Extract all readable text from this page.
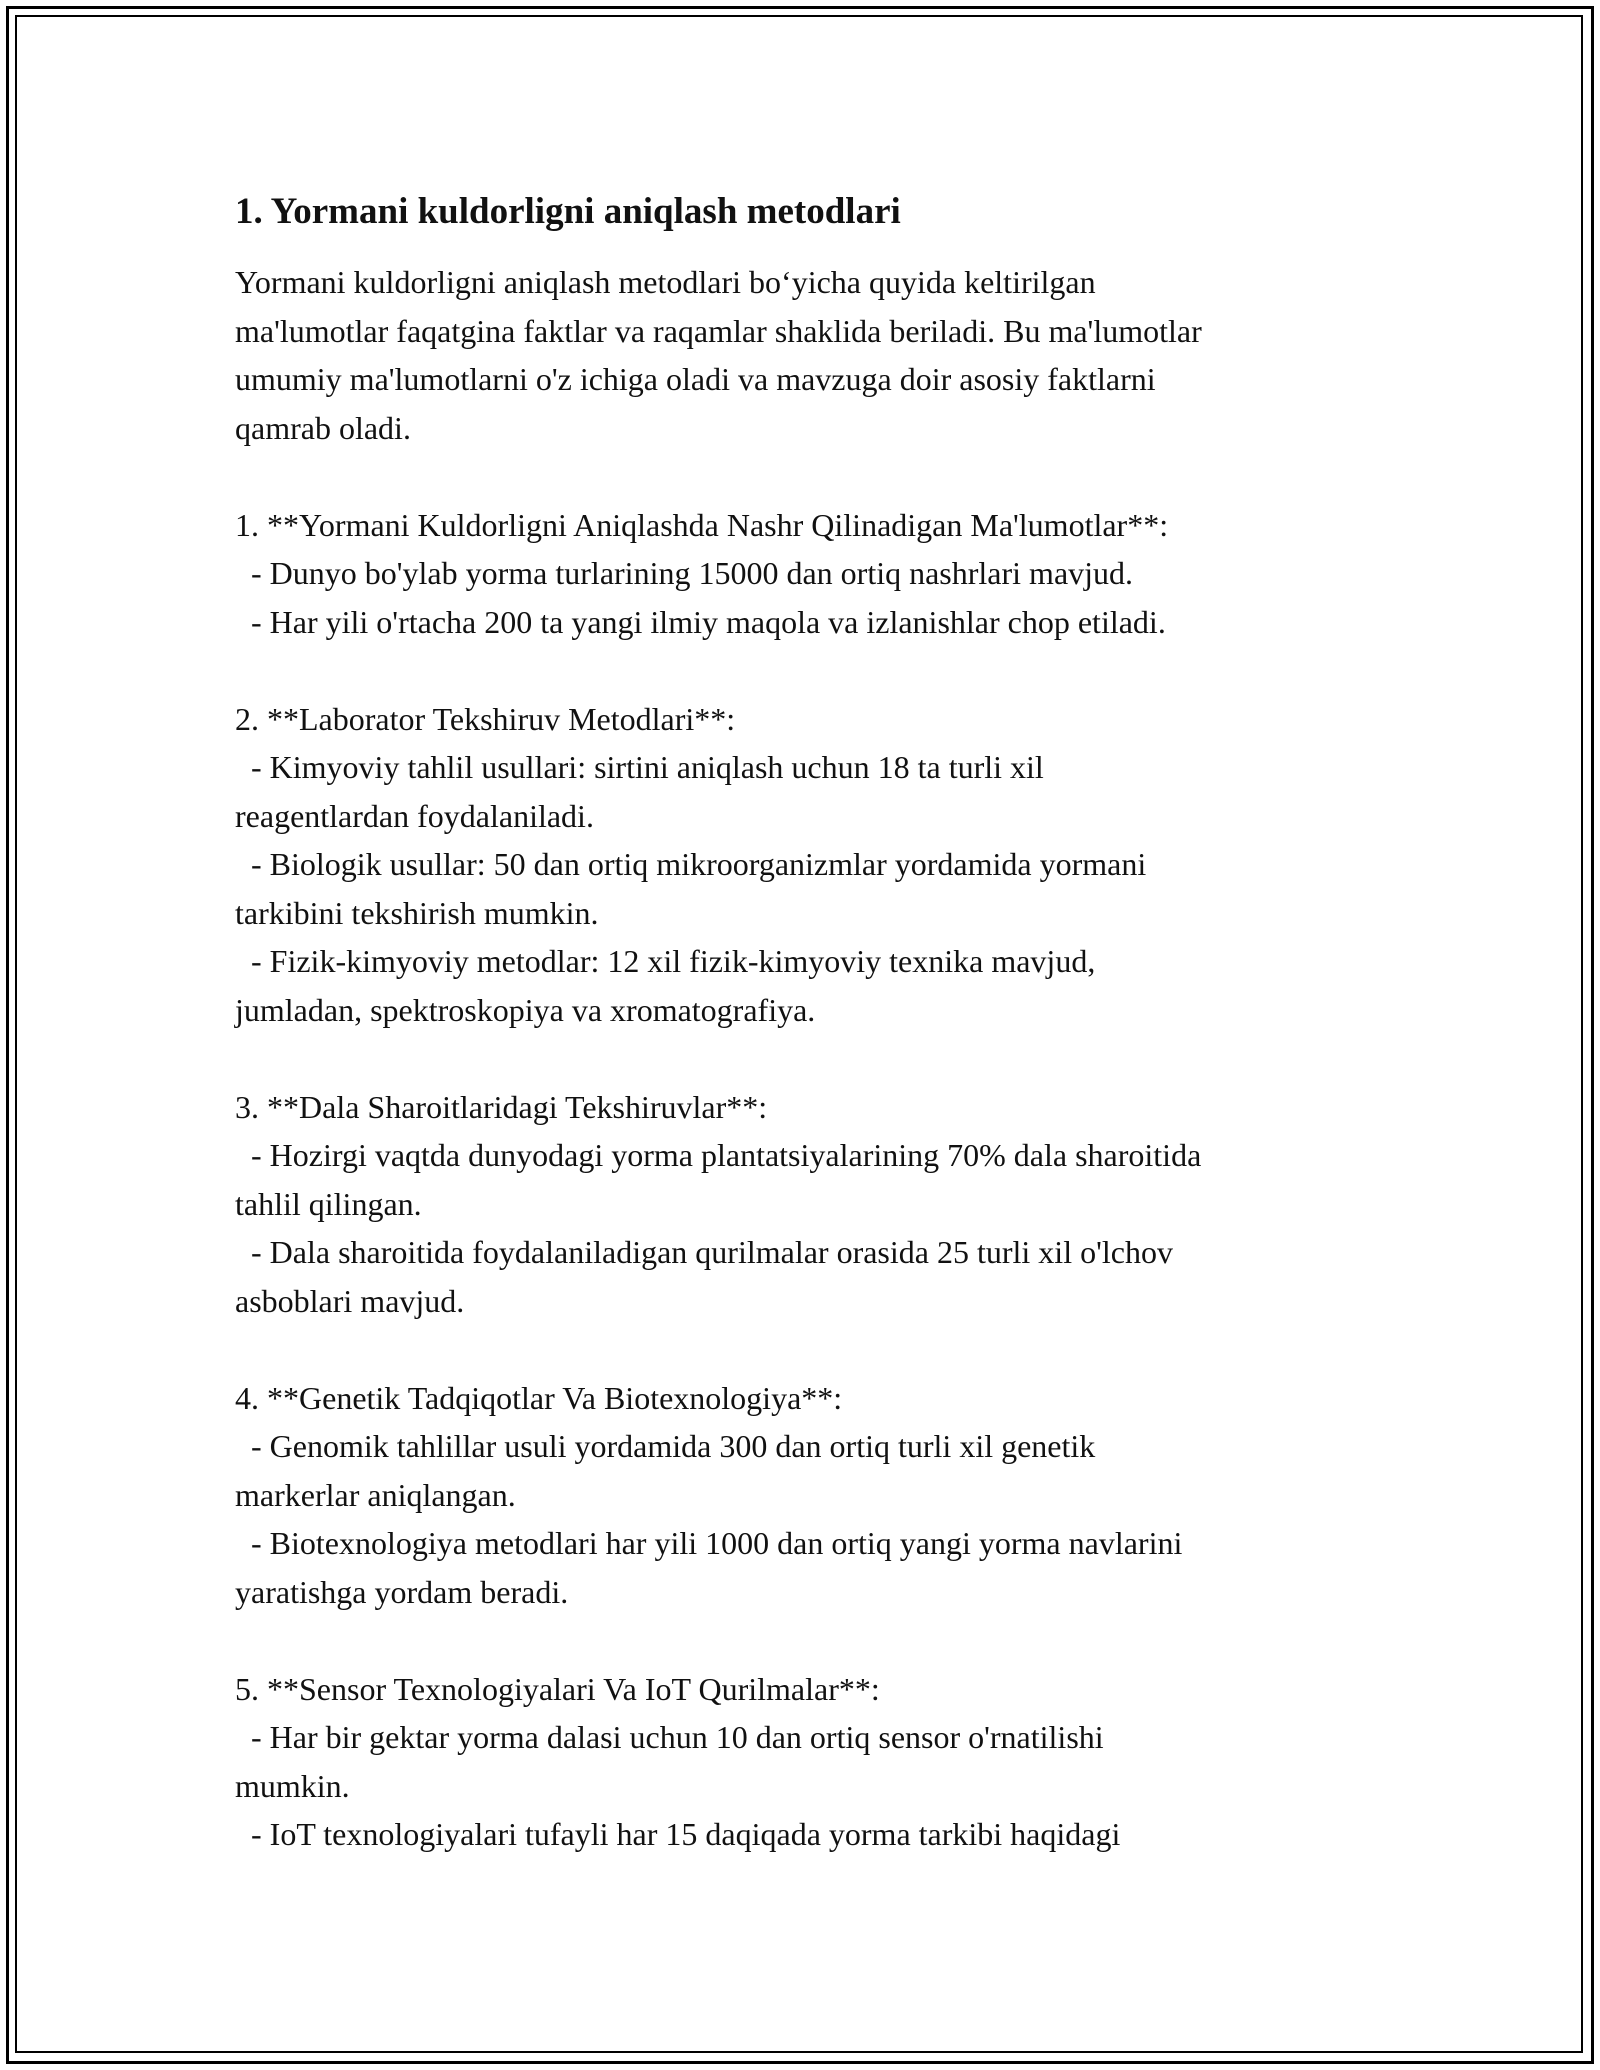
1. Yormani kuldorligni aniqlash metodlari

Yormani kuldorligni aniqlash metodlari bo‘yicha quyida keltirilgan
ma'lumotlar faqatgina faktlar va raqamlar shaklida beriladi. Bu ma'lumotlar
umumiy ma'lumotlarni o'z ichiga oladi va mavzuga doir asosiy faktlarni
qamrab oladi.

1. **Yormani Kuldorligni Aniqlashda Nashr Qilinadigan Ma'lumotlar**:
- Dunyo bo'ylab yorma turlarining 15000 dan ortiq nashrlari mavjud.
- Har yili o'rtacha 200 ta yangi ilmiy maqola va izlanishlar chop etiladi.

2. **Laborator Tekshiruv Metodlari**:
- Kimyoviy tahlil usullari: sirtini aniqlash uchun 18 ta turli xil
reagentlardan foydalaniladi.
- Biologik usullar: 50 dan ortiq mikroorganizmlar yordamida yormani
tarkibini tekshirish mumkin.
- Fizik-kimyoviy metodlar: 12 xil fizik-kimyoviy texnika mavjud,
jumladan, spektroskopiya va xromatografiya.

3. **Dala Sharoitlaridagi Tekshiruvlar**:
- Hozirgi vaqtda dunyodagi yorma plantatsiyalarining 70% dala sharoitida
tahlil qilingan.
- Dala sharoitida foydalaniladigan qurilmalar orasida 25 turli xil o'lchov
asboblari mavjud.

4. **Genetik Tadqiqotlar Va Biotexnologiya**:
- Genomik tahlillar usuli yordamida 300 dan ortiq turli xil genetik
markerlar aniqlangan.
- Biotexnologiya metodlari har yili 1000 dan ortiq yangi yorma navlarini
yaratishga yordam beradi.

5. **Sensor Texnologiyalari Va IoT Qurilmalar**:
- Har bir gektar yorma dalasi uchun 10 dan ortiq sensor o'rnatilishi
mumkin.
- IoT texnologiyalari tufayli har 15 daqiqada yorma tarkibi haqidagi
